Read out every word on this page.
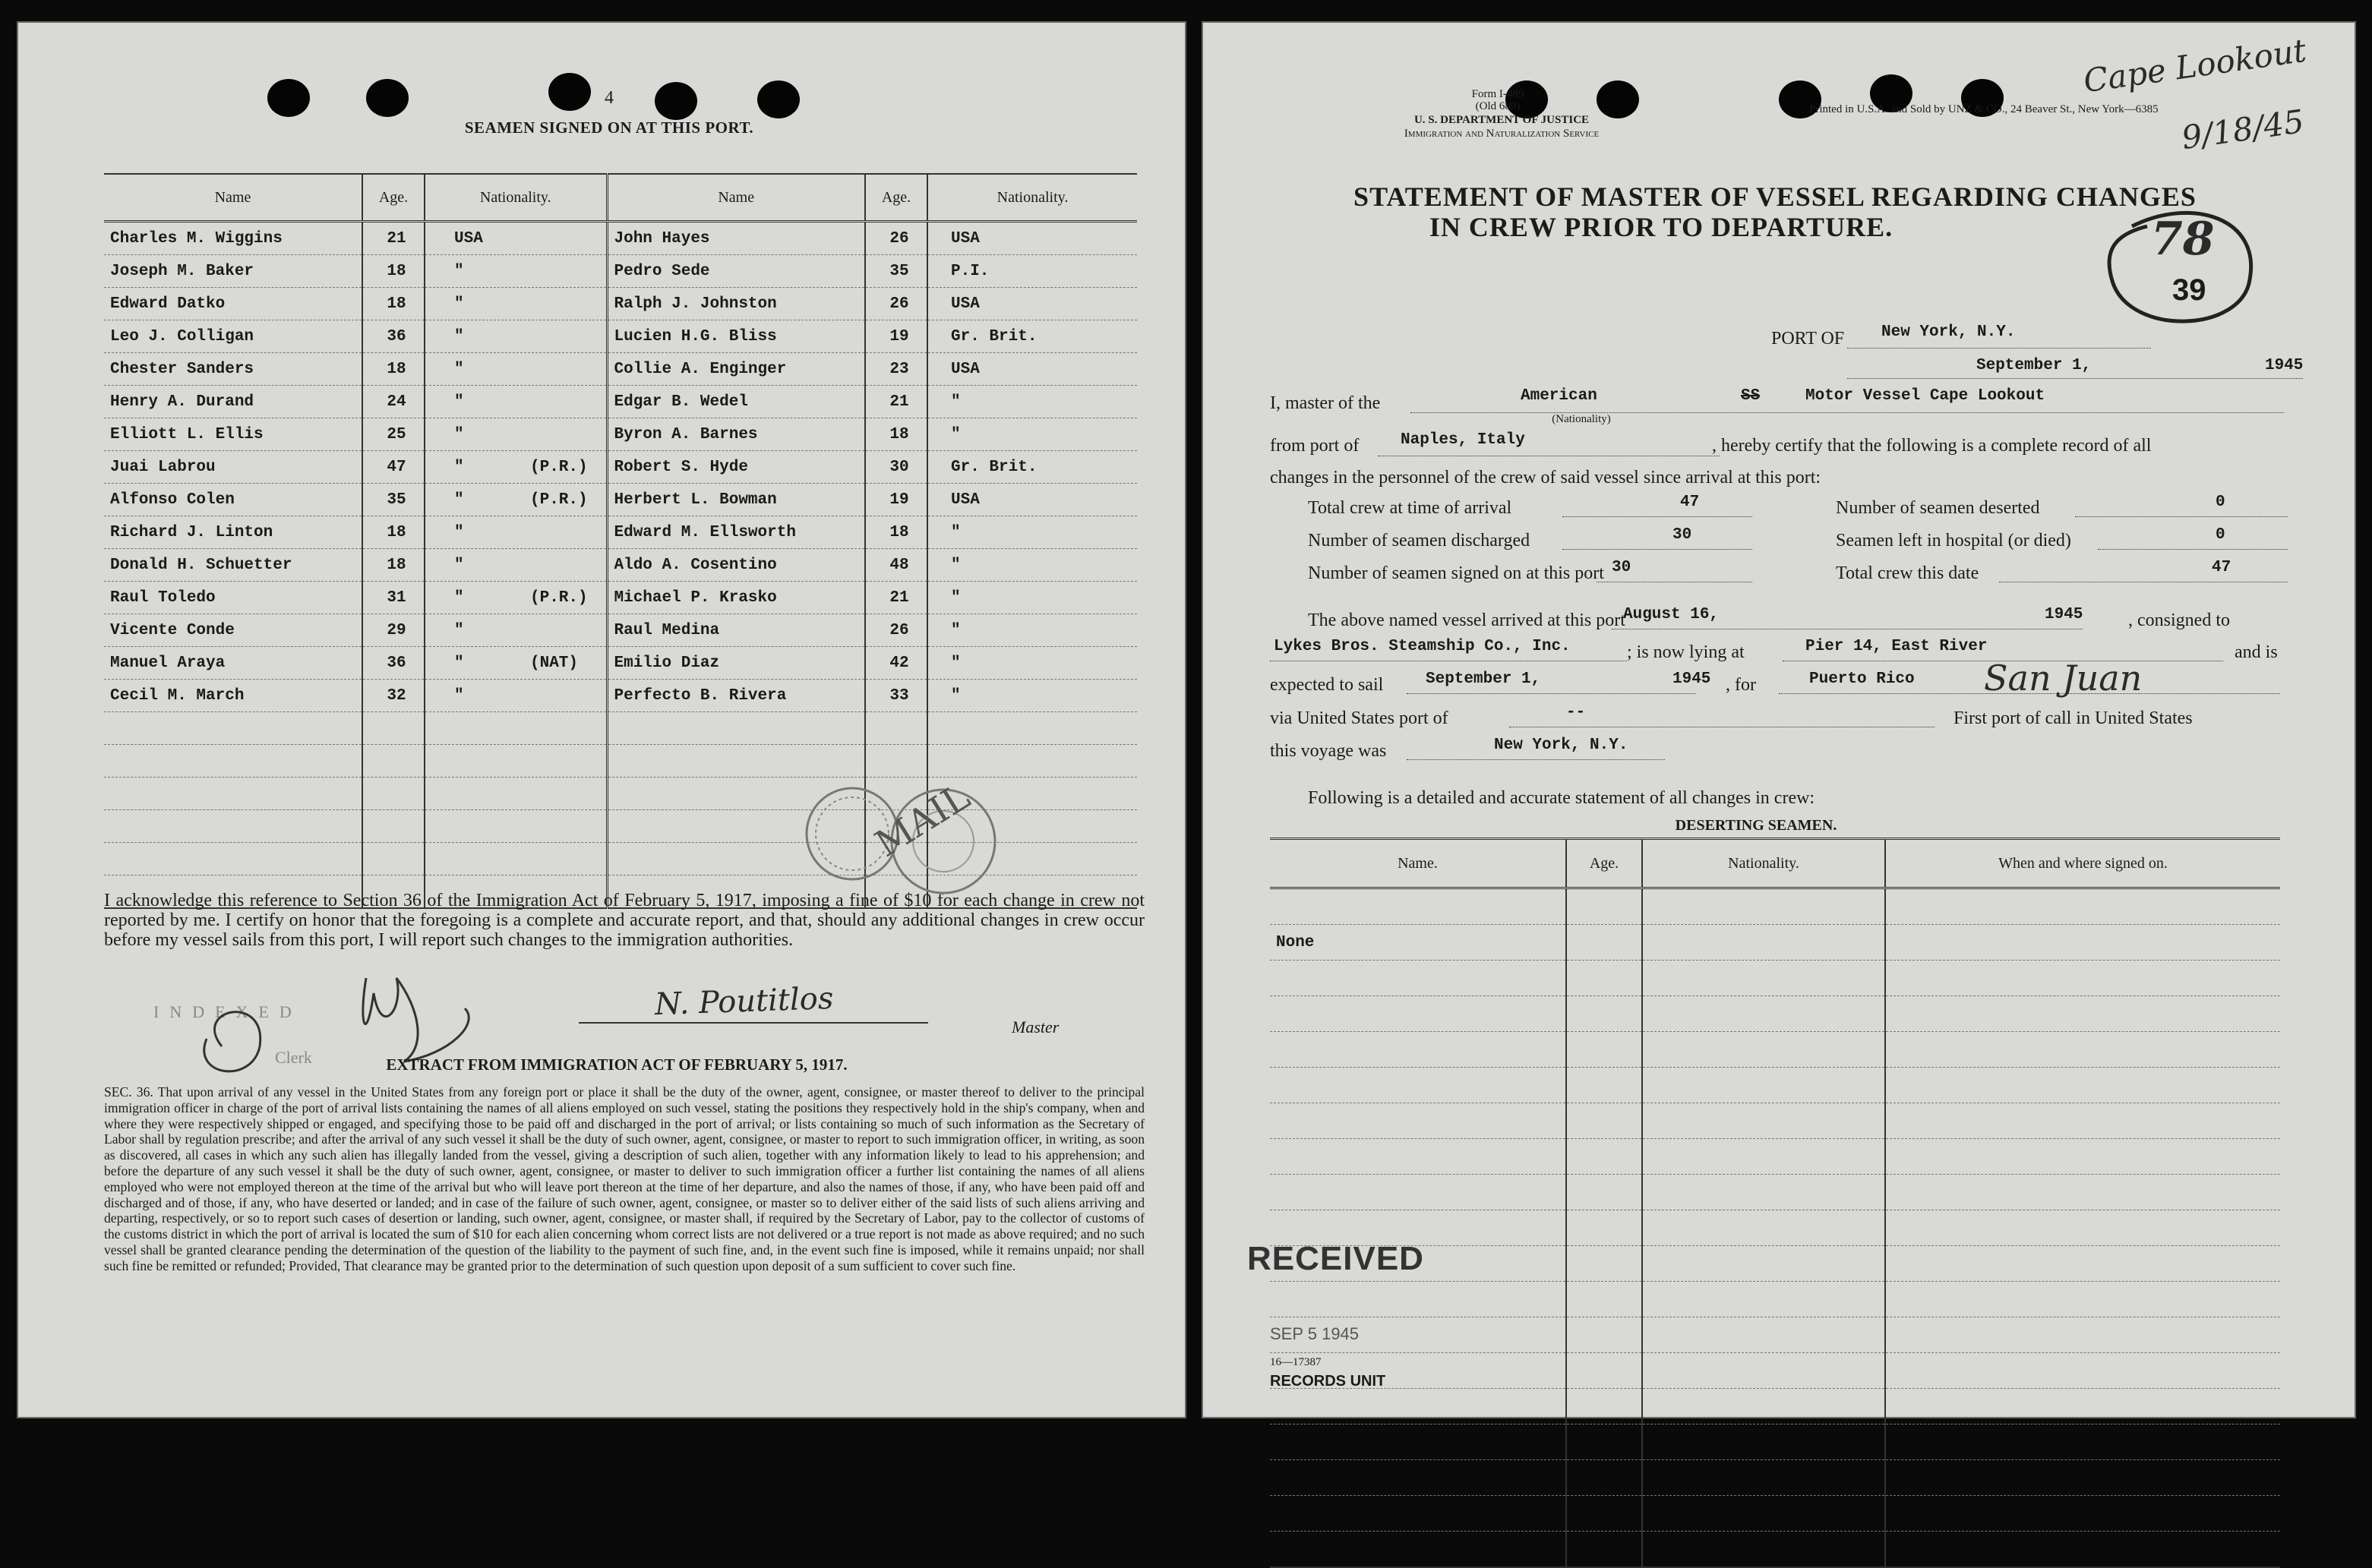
4
SEAMEN SIGNED ON AT THIS PORT.
Name	Age.	Nationality.	Name	Age.	Nationality.
Charles M. Wiggins	21	USA	John Hayes	26	USA
Joseph M. Baker	18	"	Pedro Sede	35	P.I.
Edward Datko	18	"	Ralph J. Johnston	26	USA
Leo J. Colligan	36	"	Lucien H.G. Bliss	19	Gr. Brit.
Chester Sanders	18	"	Collie A. Enginger	23	USA
Henry A. Durand	24	"	Edgar B. Wedel	21	"
Elliott L. Ellis	25	"	Byron A. Barnes	18	"
Juai Labrou	47	" (P.R.)	Robert S. Hyde	30	Gr. Brit.
Alfonso Colen	35	" (P.R.)	Herbert L. Bowman	19	USA
Richard J. Linton	18	"	Edward M. Ellsworth	18	"
Donald H. Schuetter	18	"	Aldo A. Cosentino	48	"
Raul Toledo	31	" (P.R.)	Michael P. Krasko	21	"
Vicente Conde	29	"	Raul Medina	26	"
Manuel Araya	36	" (NAT)	Emilio Diaz	42	"
Cecil M. March	32	"	Perfecto B. Rivera	33	"

I acknowledge this reference to Section 36 of the Immigration Act of February 5, 1917, imposing a fine of $10 for each change in crew not reported by me. I certify on honor that the foregoing is a complete and accurate report, and that, should any additional changes in crew occur before my vessel sails from this port, I will report such changes to the immigration authorities.
N. Poutitlos
Master
INDEXED
Clerk
MAIL
EXTRACT FROM IMMIGRATION ACT OF FEBRUARY 5, 1917.
SEC. 36. That upon arrival of any vessel in the United States from any foreign port or place it shall be the duty of the owner, agent, consignee, or master thereof to deliver to the principal immigration officer in charge of the port of arrival lists containing the names of all aliens employed on such vessel, stating the positions they respectively hold in the ship's company, when and where they were respectively shipped or engaged, and specifying those to be paid off and discharged in the port of arrival; or lists containing so much of such information as the Secretary of Labor shall by regulation prescribe; and after the arrival of any such vessel it shall be the duty of such owner, agent, consignee, or master to report to such immigration officer, in writing, as soon as discovered, all cases in which any such alien has illegally landed from the vessel, giving a description of such alien, together with any information likely to lead to his apprehension; and before the departure of any such vessel it shall be the duty of such owner, agent, consignee, or master to deliver to such immigration officer a further list containing the names of all aliens employed who were not employed thereon at the time of the arrival but who will leave port thereon at the time of her departure, and also the names of those, if any, who have been paid off and discharged and of those, if any, who have deserted or landed; and in case of the failure of such owner, agent, consignee, or master so to deliver either of the said lists of such aliens arriving and departing, respectively, or so to report such cases of desertion or landing, such owner, agent, consignee, or master shall, if required by the Secretary of Labor, pay to the collector of customs of the customs district in which the port of arrival is located the sum of $10 for each alien concerning whom correct lists are not delivered or a true report is not made as above required; and no such vessel shall be granted clearance pending the determination of the question of the liability to the payment of such fine, and, in the event such fine is imposed, while it remains unpaid; nor shall such fine be remitted or refunded; Provided, That clearance may be granted prior to the determination of such question upon deposit of a sum sufficient to cover such fine.
Form I-489
(Old 689)
U. S. DEPARTMENT OF JUSTICE
Immigration and Naturalization Service
Printed in U.S.A. and Sold by UNZ & CO., 24 Beaver St., New York—6385
Cape Lookout
9/18/45
STATEMENT OF MASTER OF VESSEL REGARDING CHANGES
IN CREW PRIOR TO DEPARTURE.	78
39
PORT OF New York, N.Y.
September 1,	1945
I, master of the	American
(Nationality)
SS	Motor Vessel Cape Lookout
from port of	Naples, Italy	, hereby certify that the following is a complete record of all
changes in the personnel of the crew of said vessel since arrival at this port:
Total crew at time of arrival	47	Number of seamen deserted	0
Number of seamen discharged	30	Seamen left in hospital (or died)	0
Number of seamen signed on at this port 30	Total crew this date	47
The above named vessel arrived at this port
August 16,	1945 , consigned to
Lykes Bros. Steamship Co., Inc.	; is now lying at	Pier 14, East River	and is
expected to sail	September 1,	1945 , for	Puerto Rico San Juan
via United States port of	--	First port of call in United States
this voyage was	New York, N.Y.
Following is a detailed and accurate statement of all changes in crew:
DESERTING SEAMEN.
Name.	Age.	Nationality.	When and where signed on.

None			

RECEIVED
SEP 5 1945
16—17387
RECORDS UNIT
